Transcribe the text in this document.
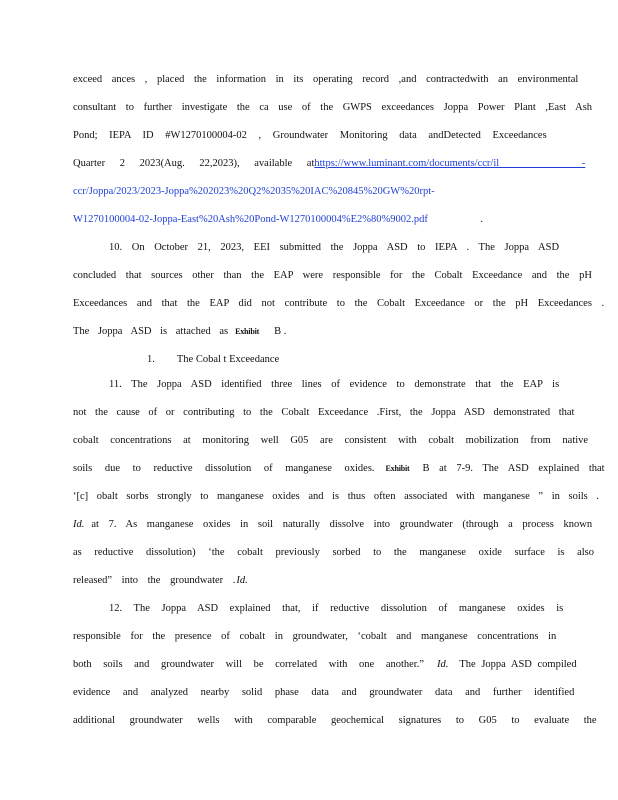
exceed ances , placed the information in its operating record ,and contractedwith an environmental
consultant to further investigate the ca use of the GWPS exceedances Joppa Power Plant ,East Ash
Pond; IEPA ID #W1270100004-02 , Groundwater Monitoring data andDetected Exceedances
Quarter 2 2023(Aug. 22,2023), available at https://www.luminant.com/documents/ccr/il -
ccr/Joppa/2023/2023-Joppa%202023%20Q2%2035%20IAC%20845%20GW%20rpt-
W1270100004-02-Joppa-East%20Ash%20Pond-W1270100004%E2%80%9002.pdf	.
10. On October 21, 2023, EEI submitted the Joppa ASD to IEPA . The Joppa ASD
concluded that sources other than the EAP were responsible for the Cobalt Exceedance and the pH
Exceedances and that the EAP did not contribute to the Cobalt Exceedance or the pH Exceedances .
The Joppa ASD is attached as Exhibit B .
1. The Cobal t Exceedance
11. The Joppa ASD identified three lines of evidence to demonstrate that the EAP is
not the cause of or contributing to the Cobalt Exceedance .First, the Joppa ASD demonstrated that
cobalt concentrations at monitoring well G05 are consistent with cobalt mobilization from native
soils due to reductive dissolution of manganese oxides. Exhibit B at 7-9. The ASD explained that
‘[c] obalt sorbs strongly to manganese oxides and is thus often associated with manganese ” in soils .
Id. at 7. As manganese oxides in soil naturally dissolve into groundwater (through a process known
as reductive dissolution) ‘the cobalt previously sorbed to the manganese oxide surface is also
released” into the groundwater . Id.
12. The Joppa ASD explained that, if reductive dissolution of manganese oxides is
responsible for the presence of cobalt in groundwater, ‘cobalt and manganese concentrations in
both soils and groundwater will be correlated with one another.” Id. The Joppa ASD compiled
evidence and analyzed nearby solid phase data and groundwater data and further identified
additional groundwater wells with comparable geochemical signatures to G05 to evaluate the
